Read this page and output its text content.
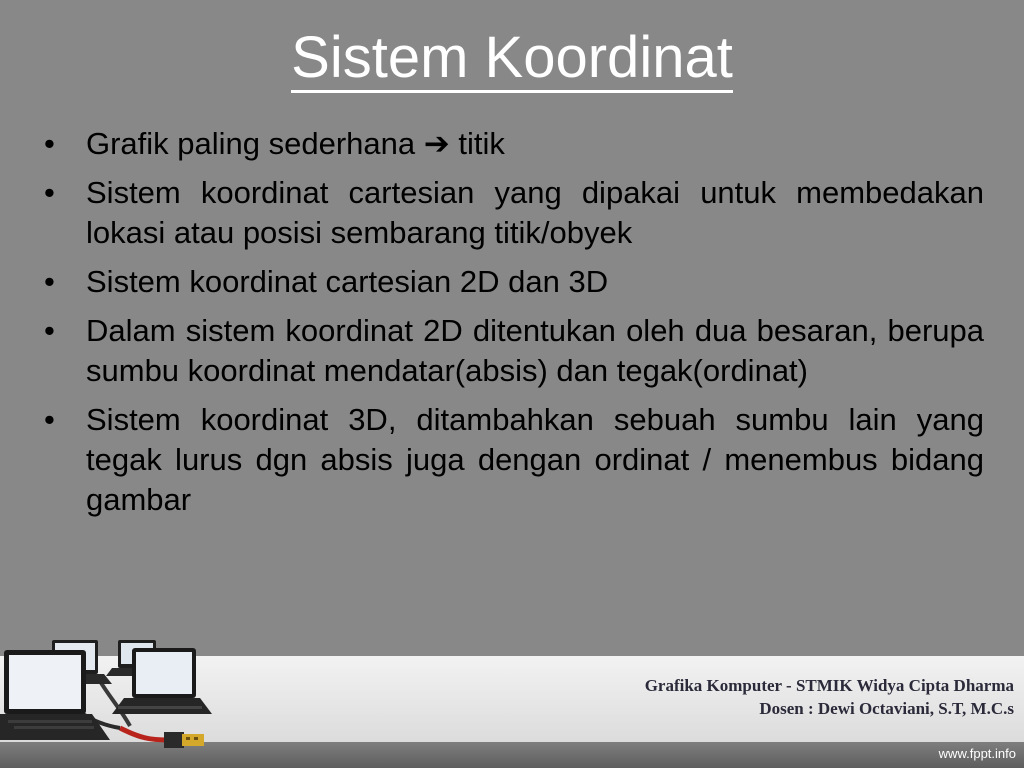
Sistem Koordinat
• Grafik paling sederhana ➔ titik
• Sistem koordinat cartesian yang dipakai untuk membedakan lokasi atau posisi sembarang titik/obyek
• Sistem koordinat cartesian 2D dan 3D
• Dalam sistem koordinat 2D ditentukan oleh dua besaran, berupa sumbu koordinat mendatar(absis) dan tegak(ordinat)
• Sistem koordinat 3D, ditambahkan sebuah sumbu lain yang tegak lurus dgn absis juga dengan ordinat / menembus bidang gambar
Grafika Komputer - STMIK Widya Cipta Dharma
Dosen : Dewi Octaviani, S.T, M.C.s
www.fppt.info
